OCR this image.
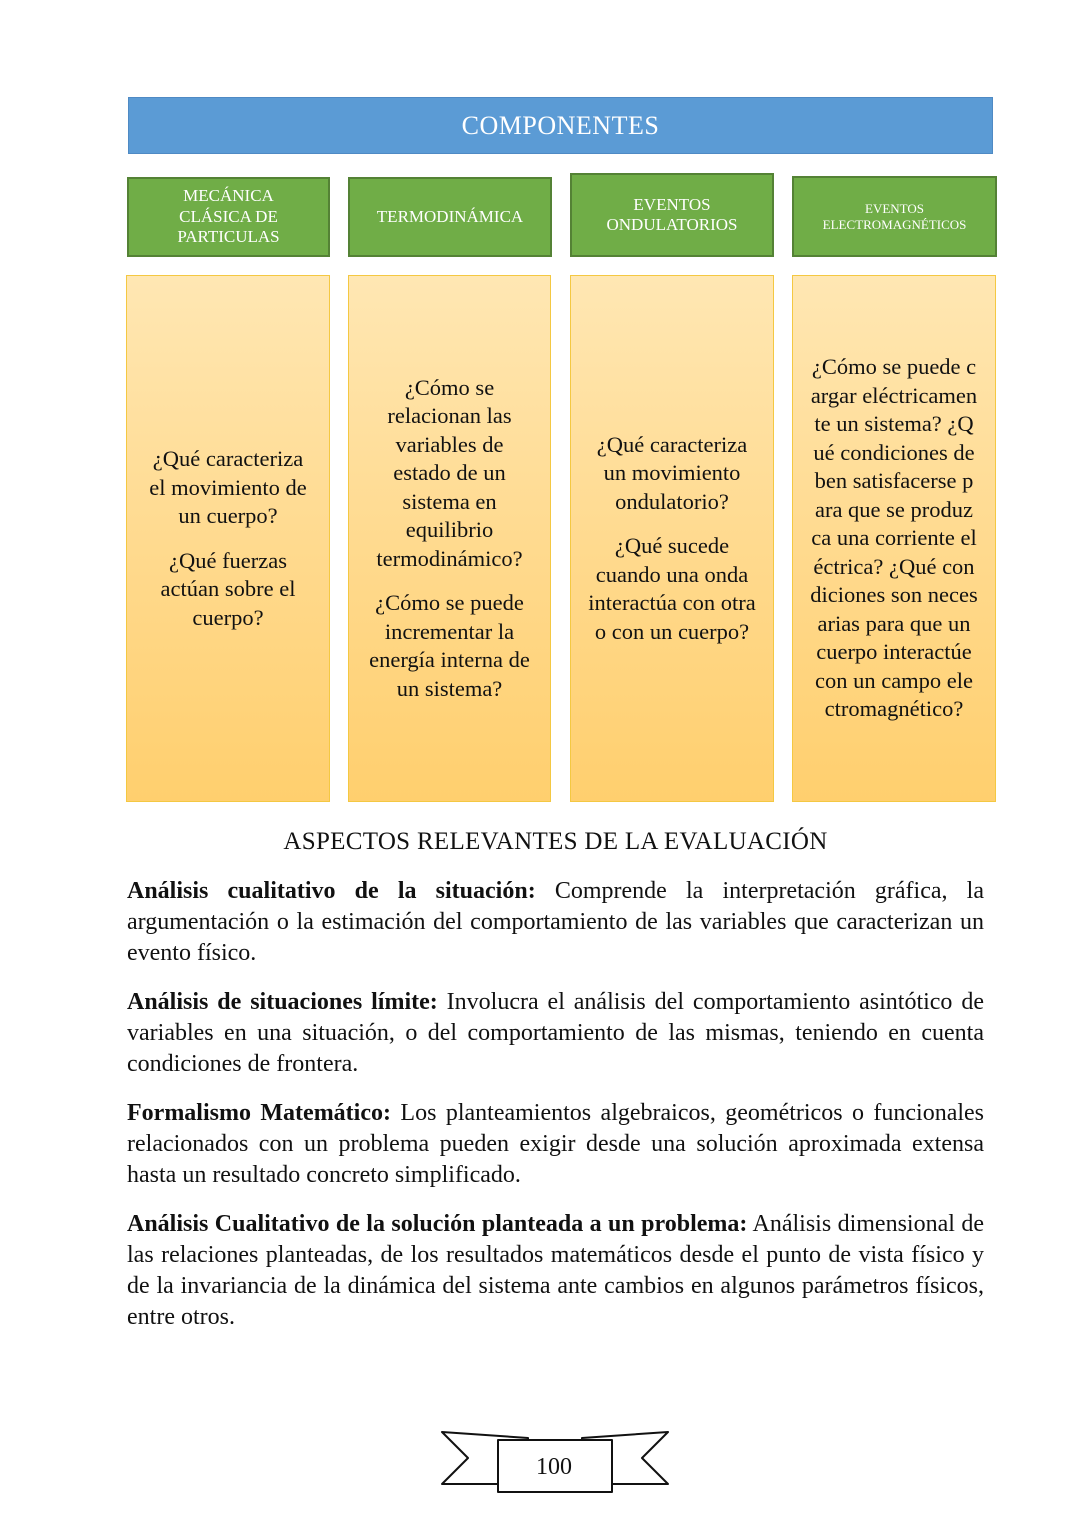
COMPONENTES
MECÁNICA CLÁSICA DE PARTICULAS

¿Qué caracteriza el movimiento de un cuerpo?

¿Qué fuerzas actúan sobre el cuerpo?

TERMODINÁMICA

¿Cómo se relacionan las variables de estado de un sistema en equilibrio termodinámico?

¿Cómo se puede incrementar la energía interna de un sistema?

EVENTOS ONDULATORIOS

¿Qué caracteriza un movimiento ondulatorio?

¿Qué sucede cuando una onda interactúa con otra o con un cuerpo?

EVENTOS ELECTROMAGNÉTICOS

¿Cómo se puede cargar eléctricamente un sistema? ¿Qué condiciones deben satisfacerse para que se produzca una corriente eléctrica? ¿Qué condiciones son necesarias para que un cuerpo interactúe con un campo electromagnético?

ASPECTOS RELEVANTES DE LA EVALUACIÓN

Análisis cualitativo de la situación: Comprende la interpretación gráfica, la argumentación o la estimación del comportamiento de las variables que caracterizan un evento físico.

Análisis de situaciones límite: Involucra el análisis del comportamiento asintótico de variables en una situación, o del comportamiento de las mismas, teniendo en cuenta condiciones de frontera.

Formalismo Matemático: Los planteamientos algebraicos, geométricos o funcionales relacionados con un problema pueden exigir desde una solución aproximada extensa hasta un resultado concreto simplificado.

Análisis Cualitativo de la solución planteada a un problema: Análisis dimensional de las relaciones planteadas, de los resultados matemáticos desde el punto de vista físico y de la invariancia de la dinámica del sistema ante cambios en algunos parámetros físicos, entre otros.

100
